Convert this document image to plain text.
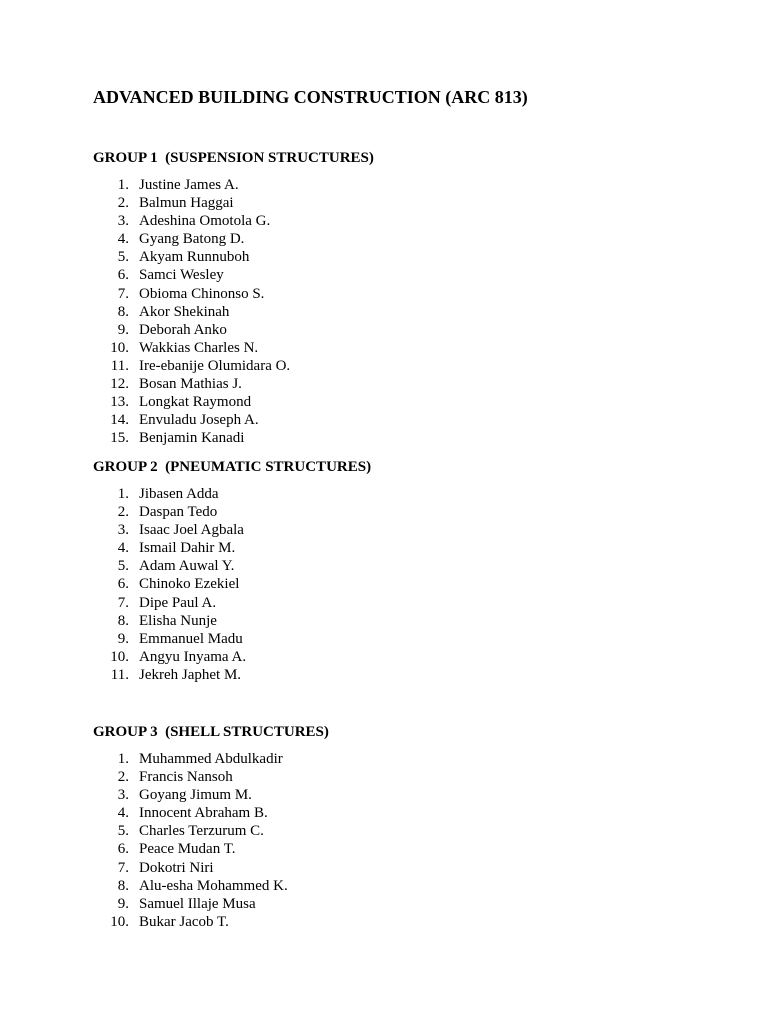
ADVANCED BUILDING CONSTRUCTION (ARC 813)
GROUP 1  (SUSPENSION STRUCTURES)
1. Justine James A.
2. Balmun Haggai
3. Adeshina Omotola G.
4. Gyang Batong D.
5. Akyam Runnuboh
6. Samci Wesley
7. Obioma Chinonso S.
8. Akor Shekinah
9. Deborah Anko
10. Wakkias Charles N.
11. Ire-ebanije Olumidara O.
12. Bosan Mathias J.
13. Longkat Raymond
14. Envuladu Joseph A.
15. Benjamin Kanadi
GROUP 2  (PNEUMATIC STRUCTURES)
1. Jibasen Adda
2. Daspan Tedo
3. Isaac Joel Agbala
4. Ismail Dahir M.
5. Adam Auwal Y.
6. Chinoko Ezekiel
7. Dipe Paul A.
8. Elisha Nunje
9. Emmanuel Madu
10. Angyu Inyama A.
11. Jekreh Japhet M.
GROUP 3  (SHELL STRUCTURES)
1. Muhammed Abdulkadir
2. Francis Nansoh
3. Goyang Jimum M.
4. Innocent Abraham B.
5. Charles Terzurum C.
6. Peace Mudan T.
7. Dokotri Niri
8. Alu-esha Mohammed K.
9. Samuel Illaje Musa
10. Bukar Jacob T.
